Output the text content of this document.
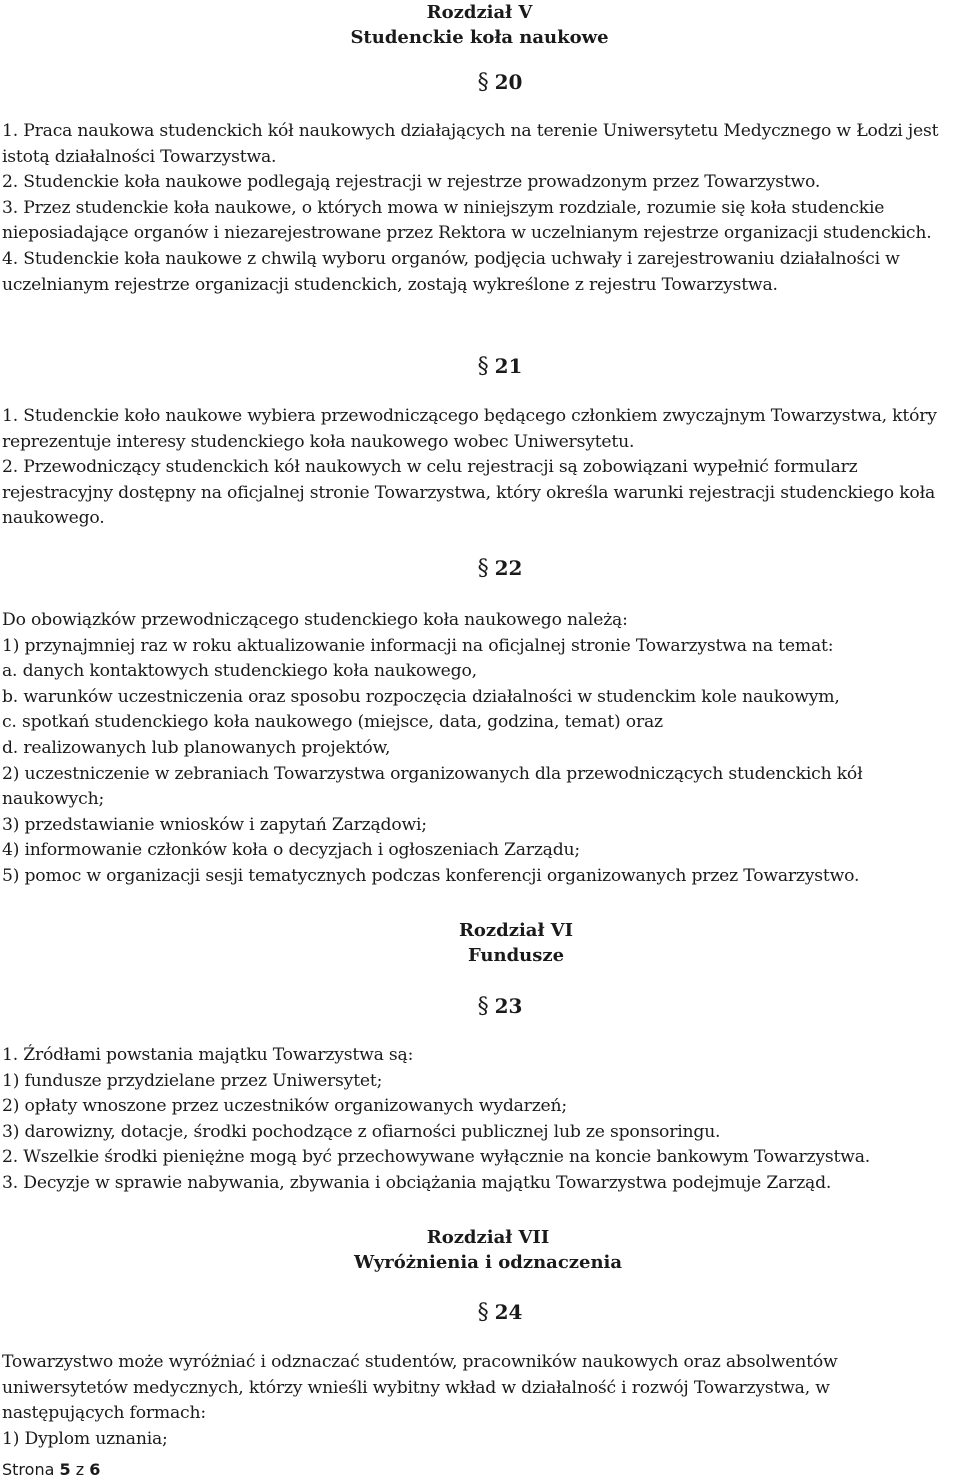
Rozdział V
Studenckie koła naukowe
§ 20

1. Praca naukowa studenckich kół naukowych działających na terenie Uniwersytetu Medycznego w Łodzi jest istotą działalności Towarzystwa.

2. Studenckie koła naukowe podlegają rejestracji w rejestrze prowadzonym przez Towarzystwo.

3. Przez studenckie koła naukowe, o których mowa w niniejszym rozdziale, rozumie się koła studenckie nieposiadające organów i niezarejestrowane przez Rektora w uczelnianym rejestrze organizacji studenckich.

4. Studenckie koła naukowe z chwilą wyboru organów, podjęcia uchwały i zarejestrowaniu działalności w uczelnianym rejestrze organizacji studenckich, zostają wykreślone z rejestru Towarzystwa.

§ 21

1. Studenckie koło naukowe wybiera przewodniczącego będącego członkiem zwyczajnym Towarzystwa, który reprezentuje interesy studenckiego koła naukowego wobec Uniwersytetu.

2. Przewodniczący studenckich kół naukowych w celu rejestracji są zobowiązani wypełnić formularz rejestracyjny dostępny na oficjalnej stronie Towarzystwa, który określa warunki rejestracji studenckiego koła naukowego.

§ 22

Do obowiązków przewodniczącego studenckiego koła naukowego należą:

1) przynajmniej raz w roku aktualizowanie informacji na oficjalnej stronie Towarzystwa na temat:

a. danych kontaktowych studenckiego koła naukowego,

b. warunków uczestniczenia oraz sposobu rozpoczęcia działalności w studenckim kole naukowym,

c. spotkań studenckiego koła naukowego (miejsce, data, godzina, temat) oraz

d. realizowanych lub planowanych projektów,

2) uczestniczenie w zebraniach Towarzystwa organizowanych dla przewodniczących studenckich kół naukowych;

3) przedstawianie wniosków i zapytań Zarządowi;

4) informowanie członków koła o decyzjach i ogłoszeniach Zarządu;

5) pomoc w organizacji sesji tematycznych podczas konferencji organizowanych przez Towarzystwo.

Rozdział VI
Fundusze
§ 23

1. Źródłami powstania majątku Towarzystwa są:

1) fundusze przydzielane przez Uniwersytet;

2) opłaty wnoszone przez uczestników organizowanych wydarzeń;

3) darowizny, dotacje, środki pochodzące z ofiarności publicznej lub ze sponsoringu.

2. Wszelkie środki pieniężne mogą być przechowywane wyłącznie na koncie bankowym Towarzystwa.

3. Decyzje w sprawie nabywania, zbywania i obciążania majątku Towarzystwa podejmuje Zarząd.

Rozdział VII
Wyróżnienia i odznaczenia
§ 24

Towarzystwo może wyróżniać i odznaczać studentów, pracowników naukowych oraz absolwentów uniwersytetów medycznych, którzy wnieśli wybitny wkład w działalność i rozwój Towarzystwa, w następujących formach:

1) Dyplom uznania;

Strona 5 z 6
